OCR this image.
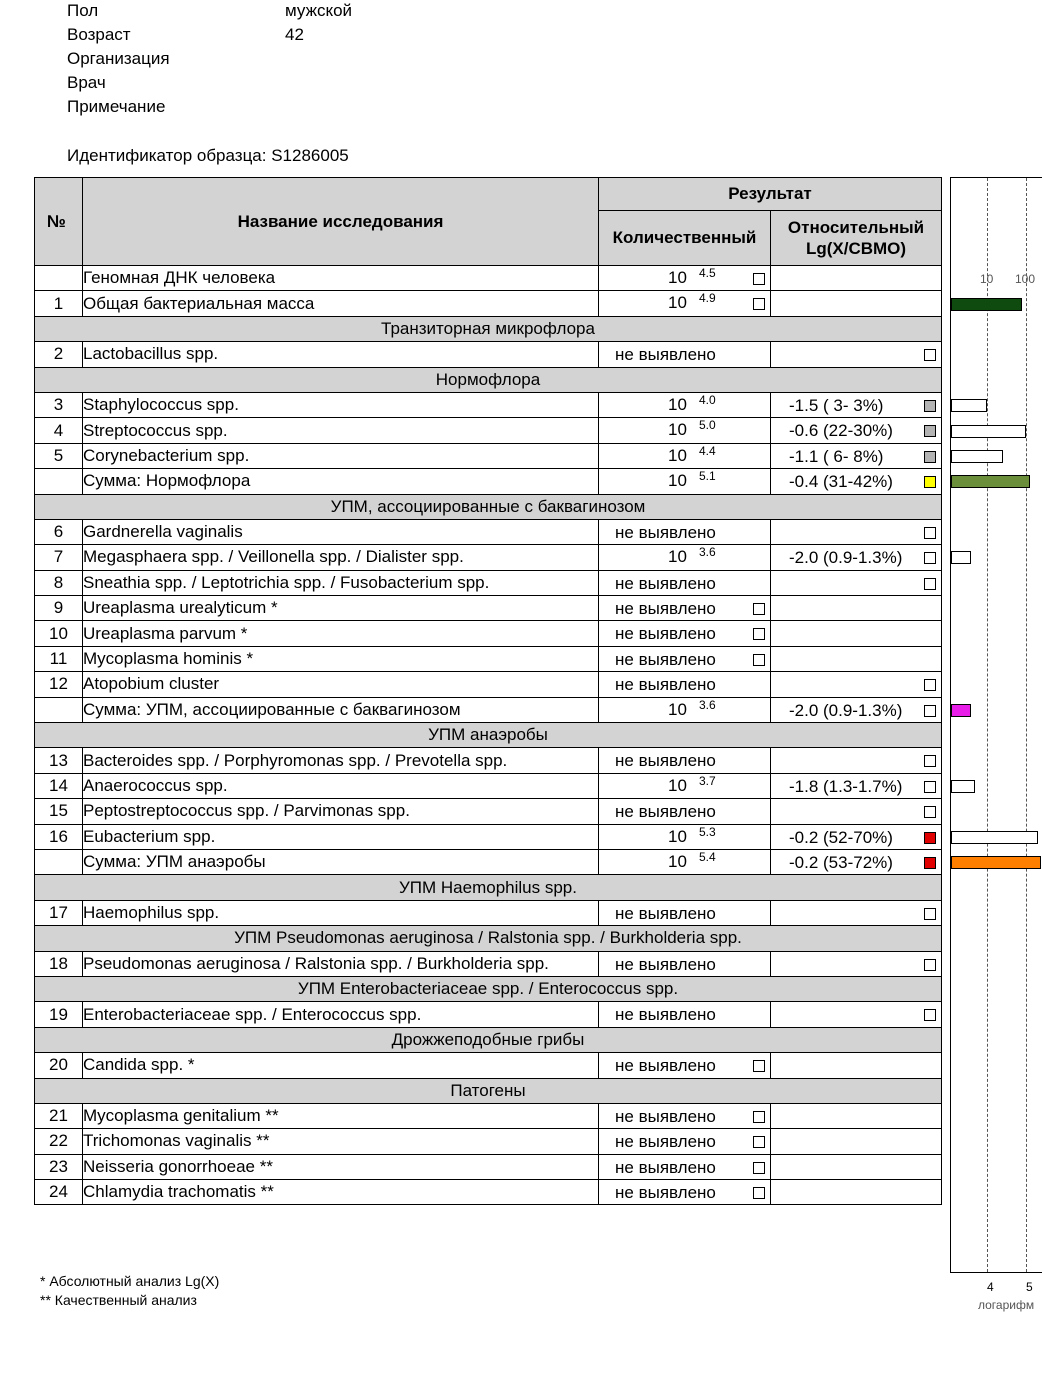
Пол	мужской
Возраст	42
Организация
Врач
Примечание
Идентификатор образца: S1286005
№	Название исследования	Результат	
		Количественный	Относительный
Lg(X/СВМО)
	Геномная ДНК человека	10 4.5	

1	Общая бактериальная масса	10 4.9	

Транзиторная микрофлора			
2	Lactobacillus spp.	не выявлено	

Нормофлора			
3	Staphylococcus spp.	10 4.0	-1.5 ( 3- 3%)

4	Streptococcus spp.	10 5.0	-0.6 (22-30%)

5	Corynebacterium spp.	10 4.4	-1.1 ( 6- 8%)

	Сумма: Нормофлора	10 5.1	-0.4 (31-42%)

УПМ, ассоциированные с баквагинозом			
6	Gardnerella vaginalis	не выявлено	

7	Megasphaera spp. / Veillonella spp. / Dialister spp.	10 3.6	-2.0 (0.9-1.3%)

8	Sneathia spp. / Leptotrichia spp. / Fusobacterium spp.	не выявлено	

9	Ureaplasma urealyticum *	не выявлено	

10	Ureaplasma parvum *	не выявлено	

11	Mycoplasma hominis *	не выявлено	

12	Atopobium cluster	не выявлено	

	Сумма: УПМ, ассоциированные с баквагинозом	10 3.6	-2.0 (0.9-1.3%)

УПМ анаэробы			
13	Bacteroides spp. / Porphyromonas spp. / Prevotella spp.	не выявлено	

14	Anaerococcus spp.	10 3.7	-1.8 (1.3-1.7%)

15	Peptostreptococcus spp. / Parvimonas spp.	не выявлено	

16	Eubacterium spp.	10 5.3	-0.2 (52-70%)

	Сумма: УПМ анаэробы	10 5.4	-0.2 (53-72%)

УПМ Haemophilus spp.			
17	Haemophilus spp.	не выявлено	

УПМ Pseudomonas aeruginosa / Ralstonia spp. / Burkholderia spp.			
18	Pseudomonas aeruginosa / Ralstonia spp. / Burkholderia spp.	не выявлено	

УПМ Enterobacteriaceae spp. / Enterococcus spp.			
19	Enterobacteriaceae spp. / Enterococcus spp.	не выявлено	

Дрожжеподобные грибы			
20	Candida spp. *	не выявлено	

Патогены			
21	Mycoplasma genitalium **	не выявлено	

22	Trichomonas vaginalis **	не выявлено	

23	Neisseria gonorrhoeae **	не выявлено	

24	Chlamydia trachomatis **	не выявлено	

* Абсолютный анализ Lg(X)
** Качественный анализ
10 100
4	5
логарифм
